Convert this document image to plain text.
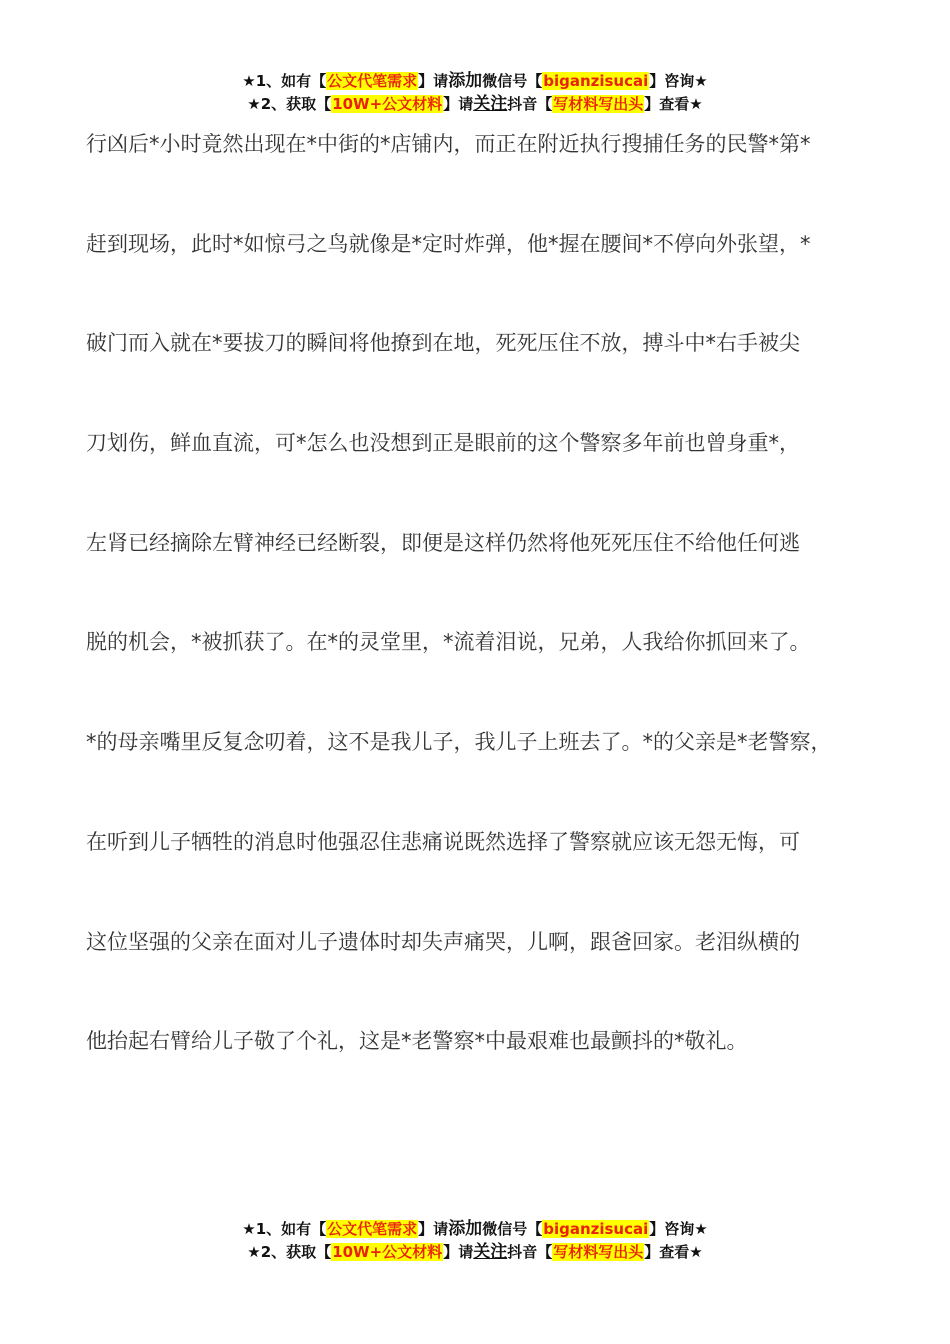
★1、如有【公文代笔需求】请添加微信号【biganzisucai】咨询★
★2、获取【10W+公文材料】请关注抖音【写材料写出头】查看★
行凶后*小时竟然出现在*中街的*店铺内，而正在附近执行搜捕任务的民警*第*
赶到现场，此时*如惊弓之鸟就像是*定时炸弹，他*握在腰间*不停向外张望，*
破门而入就在*要拔刀的瞬间将他撩到在地，死死压住不放，搏斗中*右手被尖
刀划伤，鲜血直流，可*怎么也没想到正是眼前的这个警察多年前也曾身重*，
左肾已经摘除左臂神经已经断裂，即便是这样仍然将他死死压住不给他任何逃
脱的机会，*被抓获了。在*的灵堂里，*流着泪说，兄弟，人我给你抓回来了。
*的母亲嘴里反复念叨着，这不是我儿子，我儿子上班去了。*的父亲是*老警察，
在听到儿子牺牲的消息时他强忍住悲痛说既然选择了警察就应该无怨无悔，可
这位坚强的父亲在面对儿子遗体时却失声痛哭，儿啊，跟爸回家。老泪纵横的
他抬起右臂给儿子敬了个礼，这是*老警察*中最艰难也最颤抖的*敬礼。
★1、如有【公文代笔需求】请添加微信号【biganzisucai】咨询★
★2、获取【10W+公文材料】请关注抖音【写材料写出头】查看★
